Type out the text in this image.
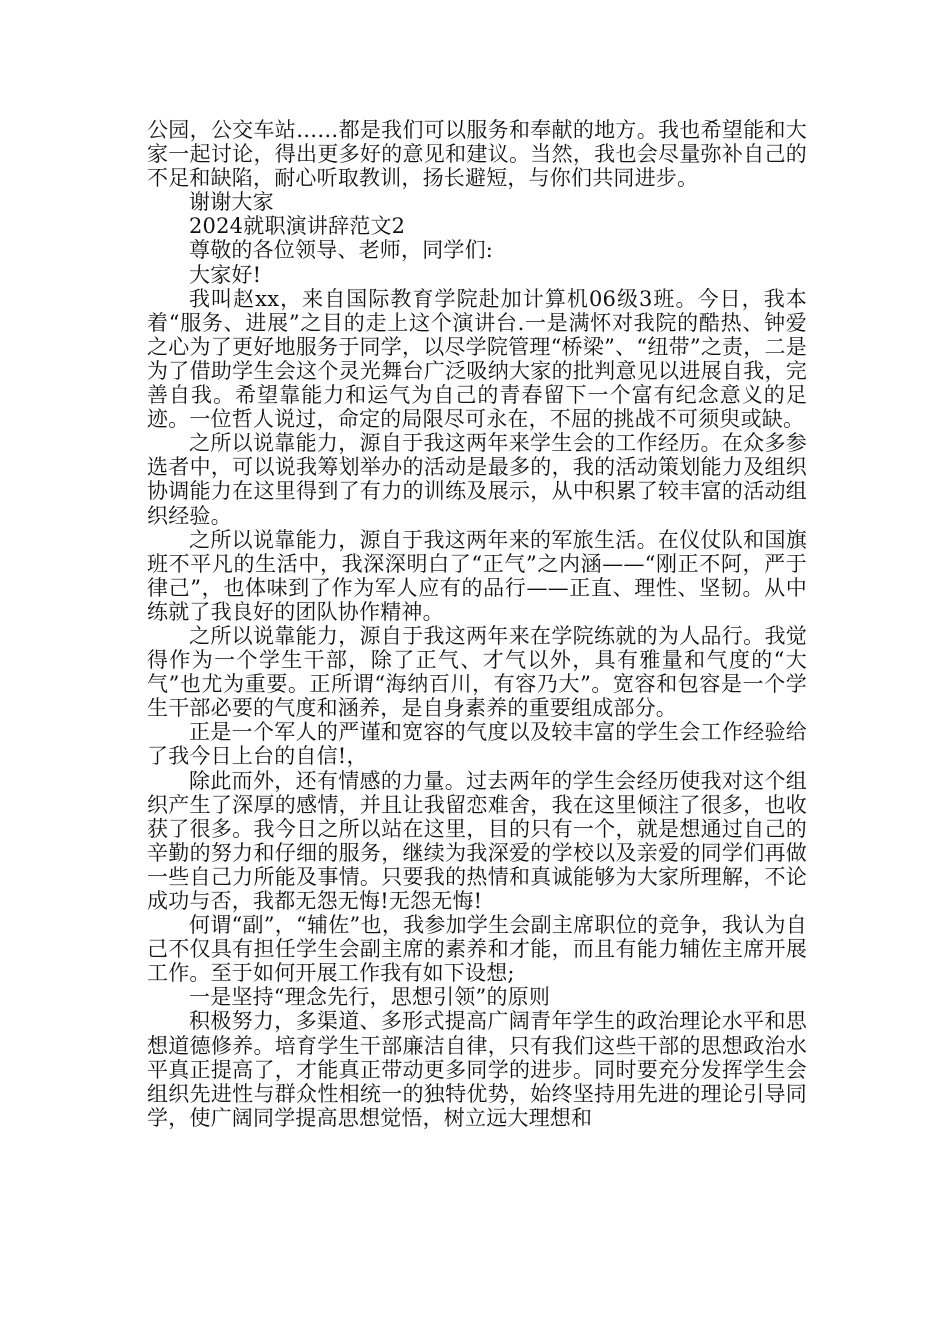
公园，公交车站……都是我们可以服务和奉献的地方。我也希望能和大家一起讨论，得出更多好的意见和建议。当然，我也会尽量弥补自己的不足和缺陷，耐心听取教训，扬长避短，与你们共同进步。

谢谢大家

2024就职演讲辞范文2

尊敬的各位领导、老师，同学们:

大家好!

我叫赵xx，来自国际教育学院赴加计算机06级3班。今日，我本着“服务、进展”之目的走上这个演讲台.一是满怀对我院的酷热、钟爱之心为了更好地服务于同学，以尽学院管理“桥梁”、“纽带”之责，二是为了借助学生会这个灵光舞台广泛吸纳大家的批判意见以进展自我，完善自我。希望靠能力和运气为自己的青春留下一个富有纪念意义的足迹。一位哲人说过，命定的局限尽可永在，不屈的挑战不可须臾或缺。

之所以说靠能力，源自于我这两年来学生会的工作经历。在众多参选者中，可以说我筹划举办的活动是最多的，我的活动策划能力及组织协调能力在这里得到了有力的训练及展示，从中积累了较丰富的活动组织经验。

之所以说靠能力，源自于我这两年来的军旅生活。在仪仗队和国旗班不平凡的生活中，我深深明白了“正气”之内涵——“刚正不阿，严于律己”，也体味到了作为军人应有的品行——正直、理性、坚韧。从中练就了我良好的团队协作精神。

之所以说靠能力，源自于我这两年来在学院练就的为人品行。我觉得作为一个学生干部，除了正气、才气以外，具有雅量和气度的“大气”也尤为重要。正所谓“海纳百川，有容乃大”。宽容和包容是一个学生干部必要的气度和涵养，是自身素养的重要组成部分。

正是一个军人的严谨和宽容的气度以及较丰富的学生会工作经验给了我今日上台的自信!，

除此而外，还有情感的力量。过去两年的学生会经历使我对这个组织产生了深厚的感情，并且让我留恋难舍，我在这里倾注了很多，也收获了很多。我今日之所以站在这里，目的只有一个，就是想通过自己的辛勤的努力和仔细的服务，继续为我深爱的学校以及亲爱的同学们再做一些自己力所能及事情。只要我的热情和真诚能够为大家所理解，不论成功与否，我都无怨无悔!无怨无悔!

何谓“副”，“辅佐”也，我参加学生会副主席职位的竞争，我认为自己不仅具有担任学生会副主席的素养和才能，而且有能力辅佐主席开展工作。至于如何开展工作我有如下设想;

一是坚持“理念先行，思想引领”的原则

积极努力，多渠道、多形式提高广阔青年学生的政治理论水平和思想道德修养。培育学生干部廉洁自律，只有我们这些干部的思想政治水平真正提高了，才能真正带动更多同学的进步。同时要充分发挥学生会组织先进性与群众性相统一的独特优势，始终坚持用先进的理论引导同学，使广阔同学提高思想觉悟，树立远大理想和
